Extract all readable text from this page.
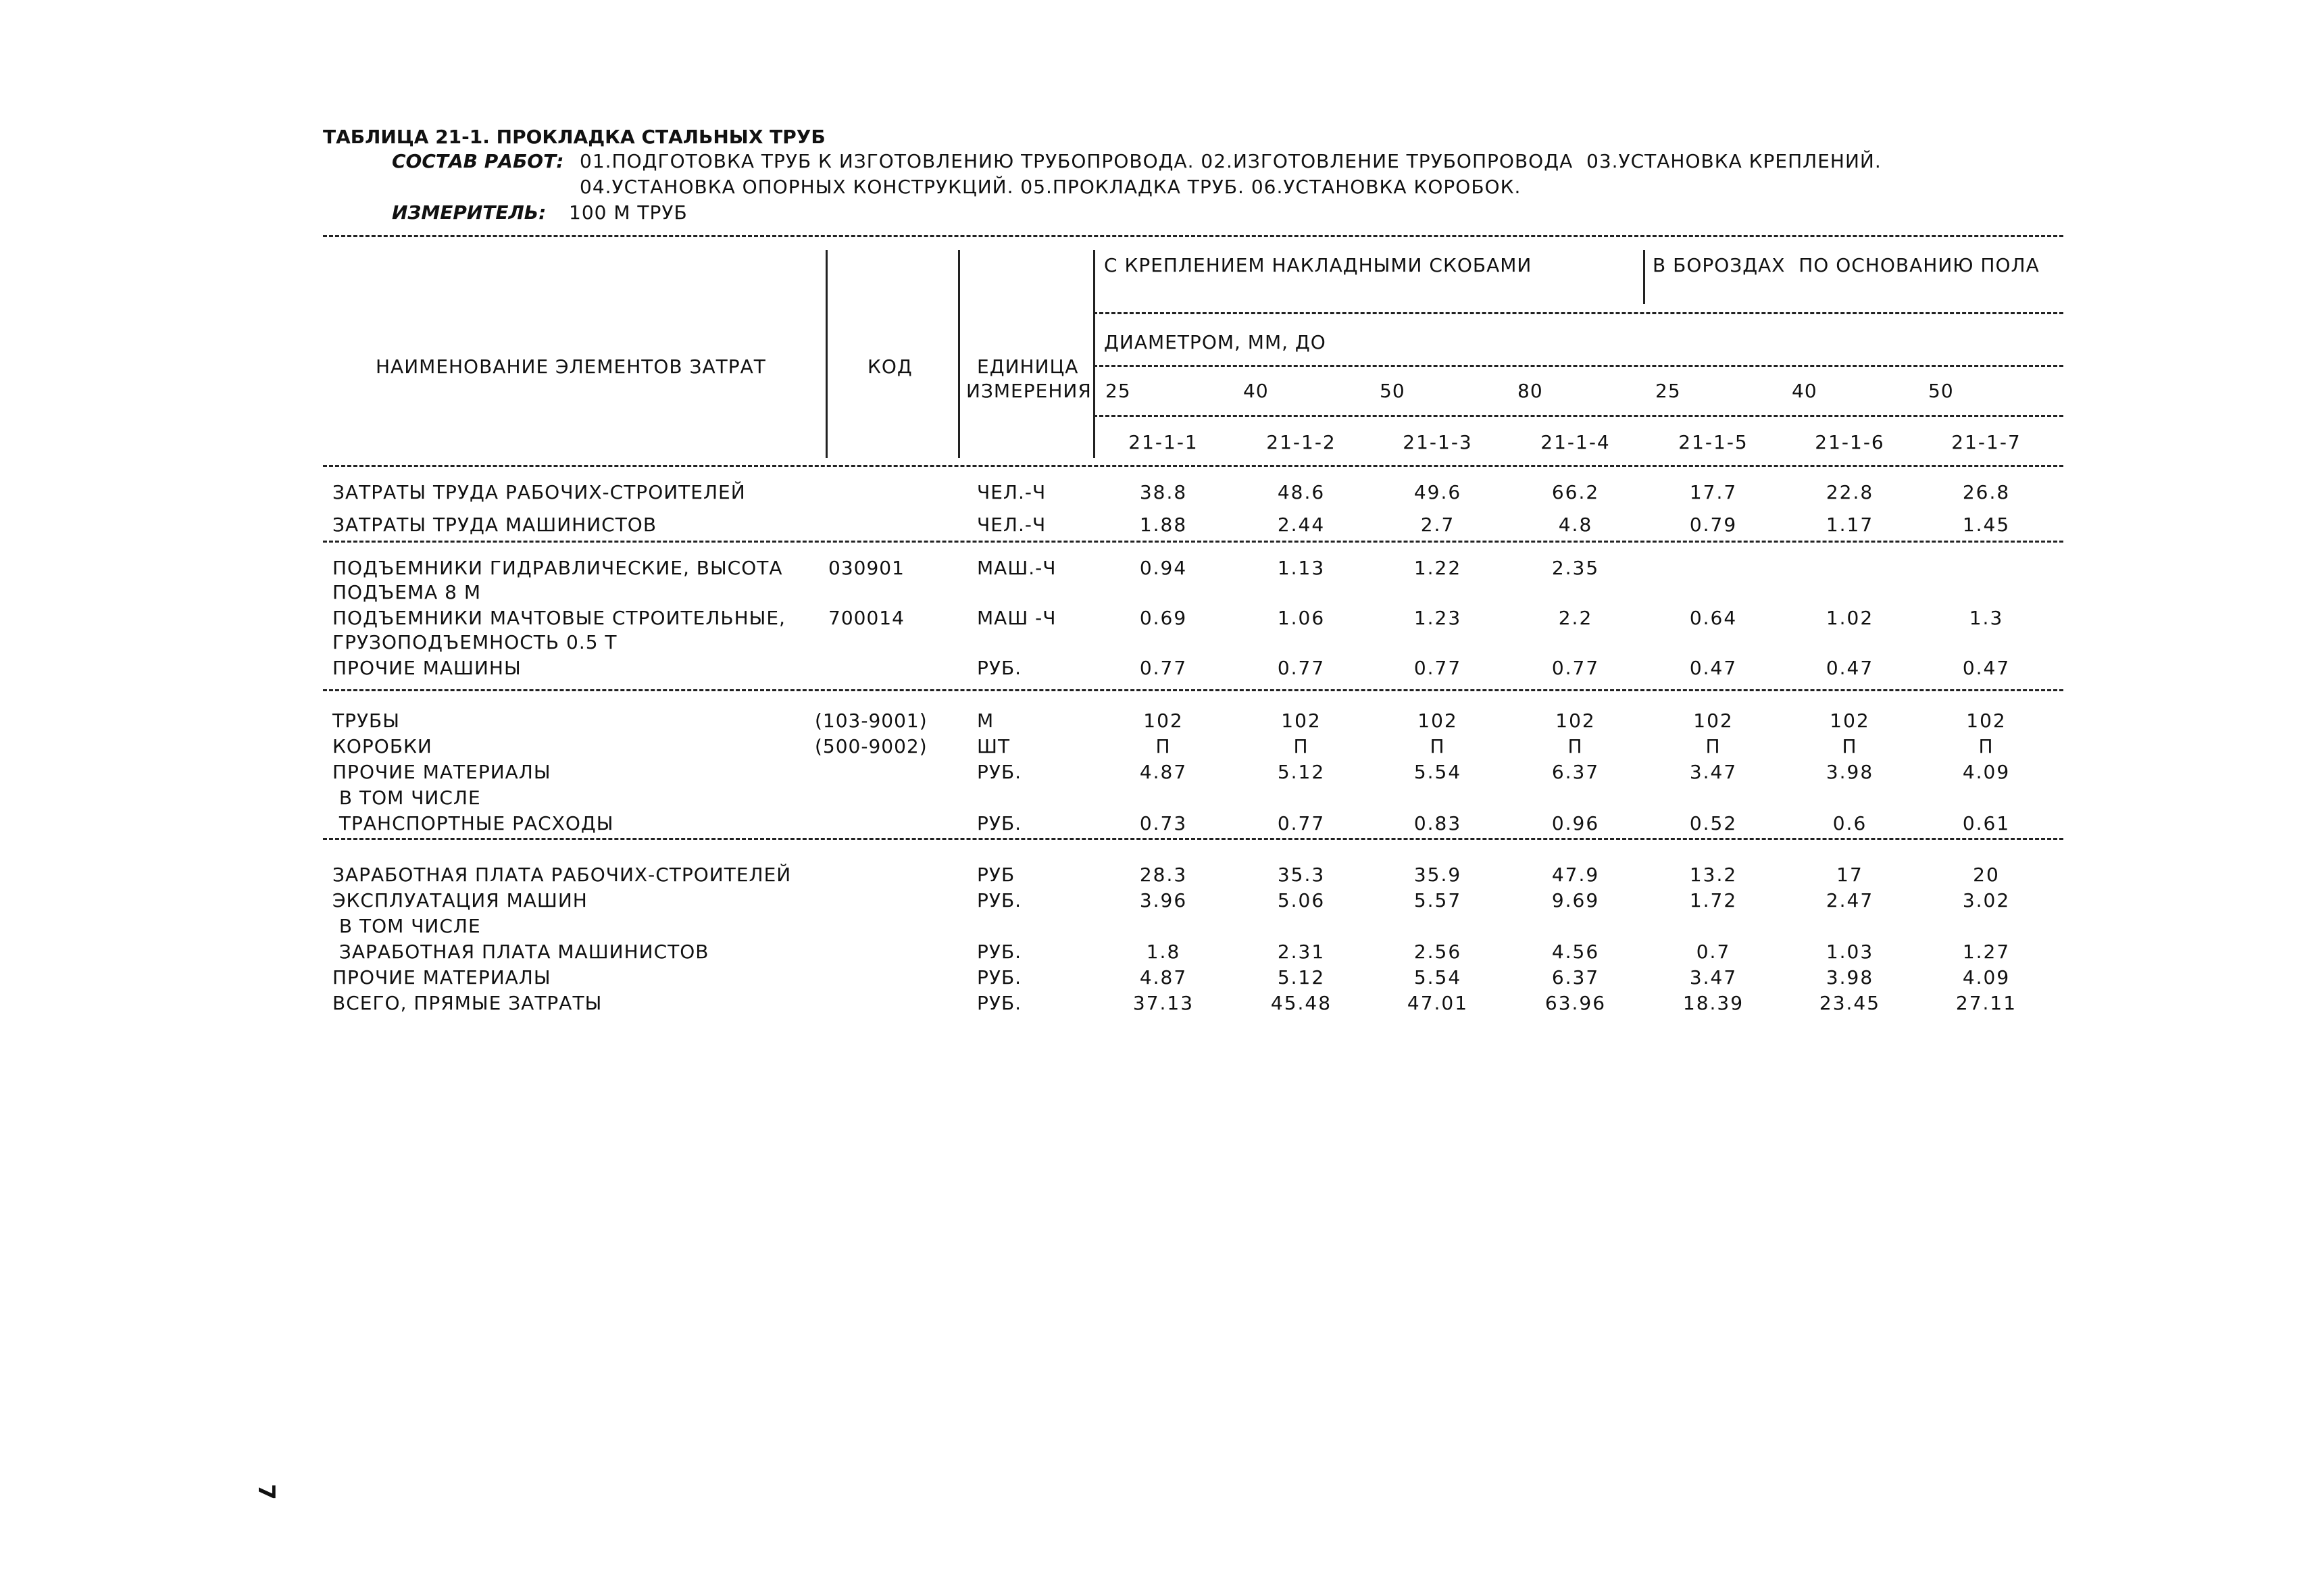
ТАБЛИЦА 21-1. ПРОКЛАДКА СТАЛЬНЫХ ТРУБ
СОСТАВ РАБОТ: 01.ПОДГОТОВКА ТРУБ К ИЗГОТОВЛЕНИЮ ТРУБОПРОВОДА. 02.ИЗГОТОВЛЕНИЕ ТРУБОПРОВОДА  03.УСТАНОВКА КРЕПЛЕНИЙ.
04.УСТАНОВКА ОПОРНЫХ КОНСТРУКЦИЙ. 05.ПРОКЛАДКА ТРУБ. 06.УСТАНОВКА КОРОБОК.
ИЗМЕРИТЕЛЬ: 100 М ТРУБ
НАИМЕНОВАНИЕ ЭЛЕМЕНТОВ ЗАТРАТ	КОД	ЕДИНИЦА
ИЗМЕРЕНИЯ
С КРЕПЛЕНИЕМ НАКЛАДНЫМИ СКОБАМИ	В БОРОЗДАХ  ПО ОСНОВАНИЮ ПОЛА
ДИАМЕТРОМ, ММ, ДО
25	40	50	80	25	40	50
21-1-1	21-1-2	21-1-3	21-1-4	21-1-5	21-1-6	21-1-7
ЗАТРАТЫ ТРУДА РАБОЧИХ-СТРОИТЕЛЕЙ	ЧЕЛ.-Ч	38.8	48.6	49.6	66.2	17.7	22.8	26.8
ЗАТРАТЫ ТРУДА МАШИНИСТОВ	ЧЕЛ.-Ч	1.88	2.44	2.7	4.8	0.79	1.17	1.45
ПОДЪЕМНИКИ ГИДРАВЛИЧЕСКИЕ, ВЫСОТА
ПОДЪЕМА 8 М
030901	МАШ.-Ч	0.94	1.13	1.22	2.35
ПОДЪЕМНИКИ МАЧТОВЫЕ СТРОИТЕЛЬНЫЕ,
ГРУЗОПОДЪЕМНОСТЬ 0.5 Т
700014	МАШ -Ч	0.69	1.06	1.23	2.2	0.64	1.02	1.3
ПРОЧИЕ МАШИНЫ	РУБ.	0.77	0.77	0.77	0.77	0.47	0.47	0.47
ТРУБЫ	(103-9001)	М	102	102	102	102	102	102	102
КОРОБКИ	(500-9002)	ШТ	П	П	П	П	П	П	П
ПРОЧИЕ МАТЕРИАЛЫ	РУБ.	4.87	5.12	5.54	6.37	3.47	3.98	4.09
В ТОМ ЧИСЛЕ
ТРАНСПОРТНЫЕ РАСХОДЫ	РУБ.	0.73	0.77	0.83	0.96	0.52	0.6	0.61
ЗАРАБОТНАЯ ПЛАТА РАБОЧИХ-СТРОИТЕЛЕЙ	РУБ	28.3	35.3	35.9	47.9	13.2	17	20
ЭКСПЛУАТАЦИЯ МАШИН	РУБ.	3.96	5.06	5.57	9.69	1.72	2.47	3.02
В ТОМ ЧИСЛЕ
ЗАРАБОТНАЯ ПЛАТА МАШИНИСТОВ	РУБ.	1.8	2.31	2.56	4.56	0.7	1.03	1.27
ПРОЧИЕ МАТЕРИАЛЫ	РУБ.	4.87	5.12	5.54	6.37	3.47	3.98	4.09
ВСЕГО, ПРЯМЫЕ ЗАТРАТЫ	РУБ.	37.13	45.48	47.01	63.96	18.39	23.45	27.11
7
